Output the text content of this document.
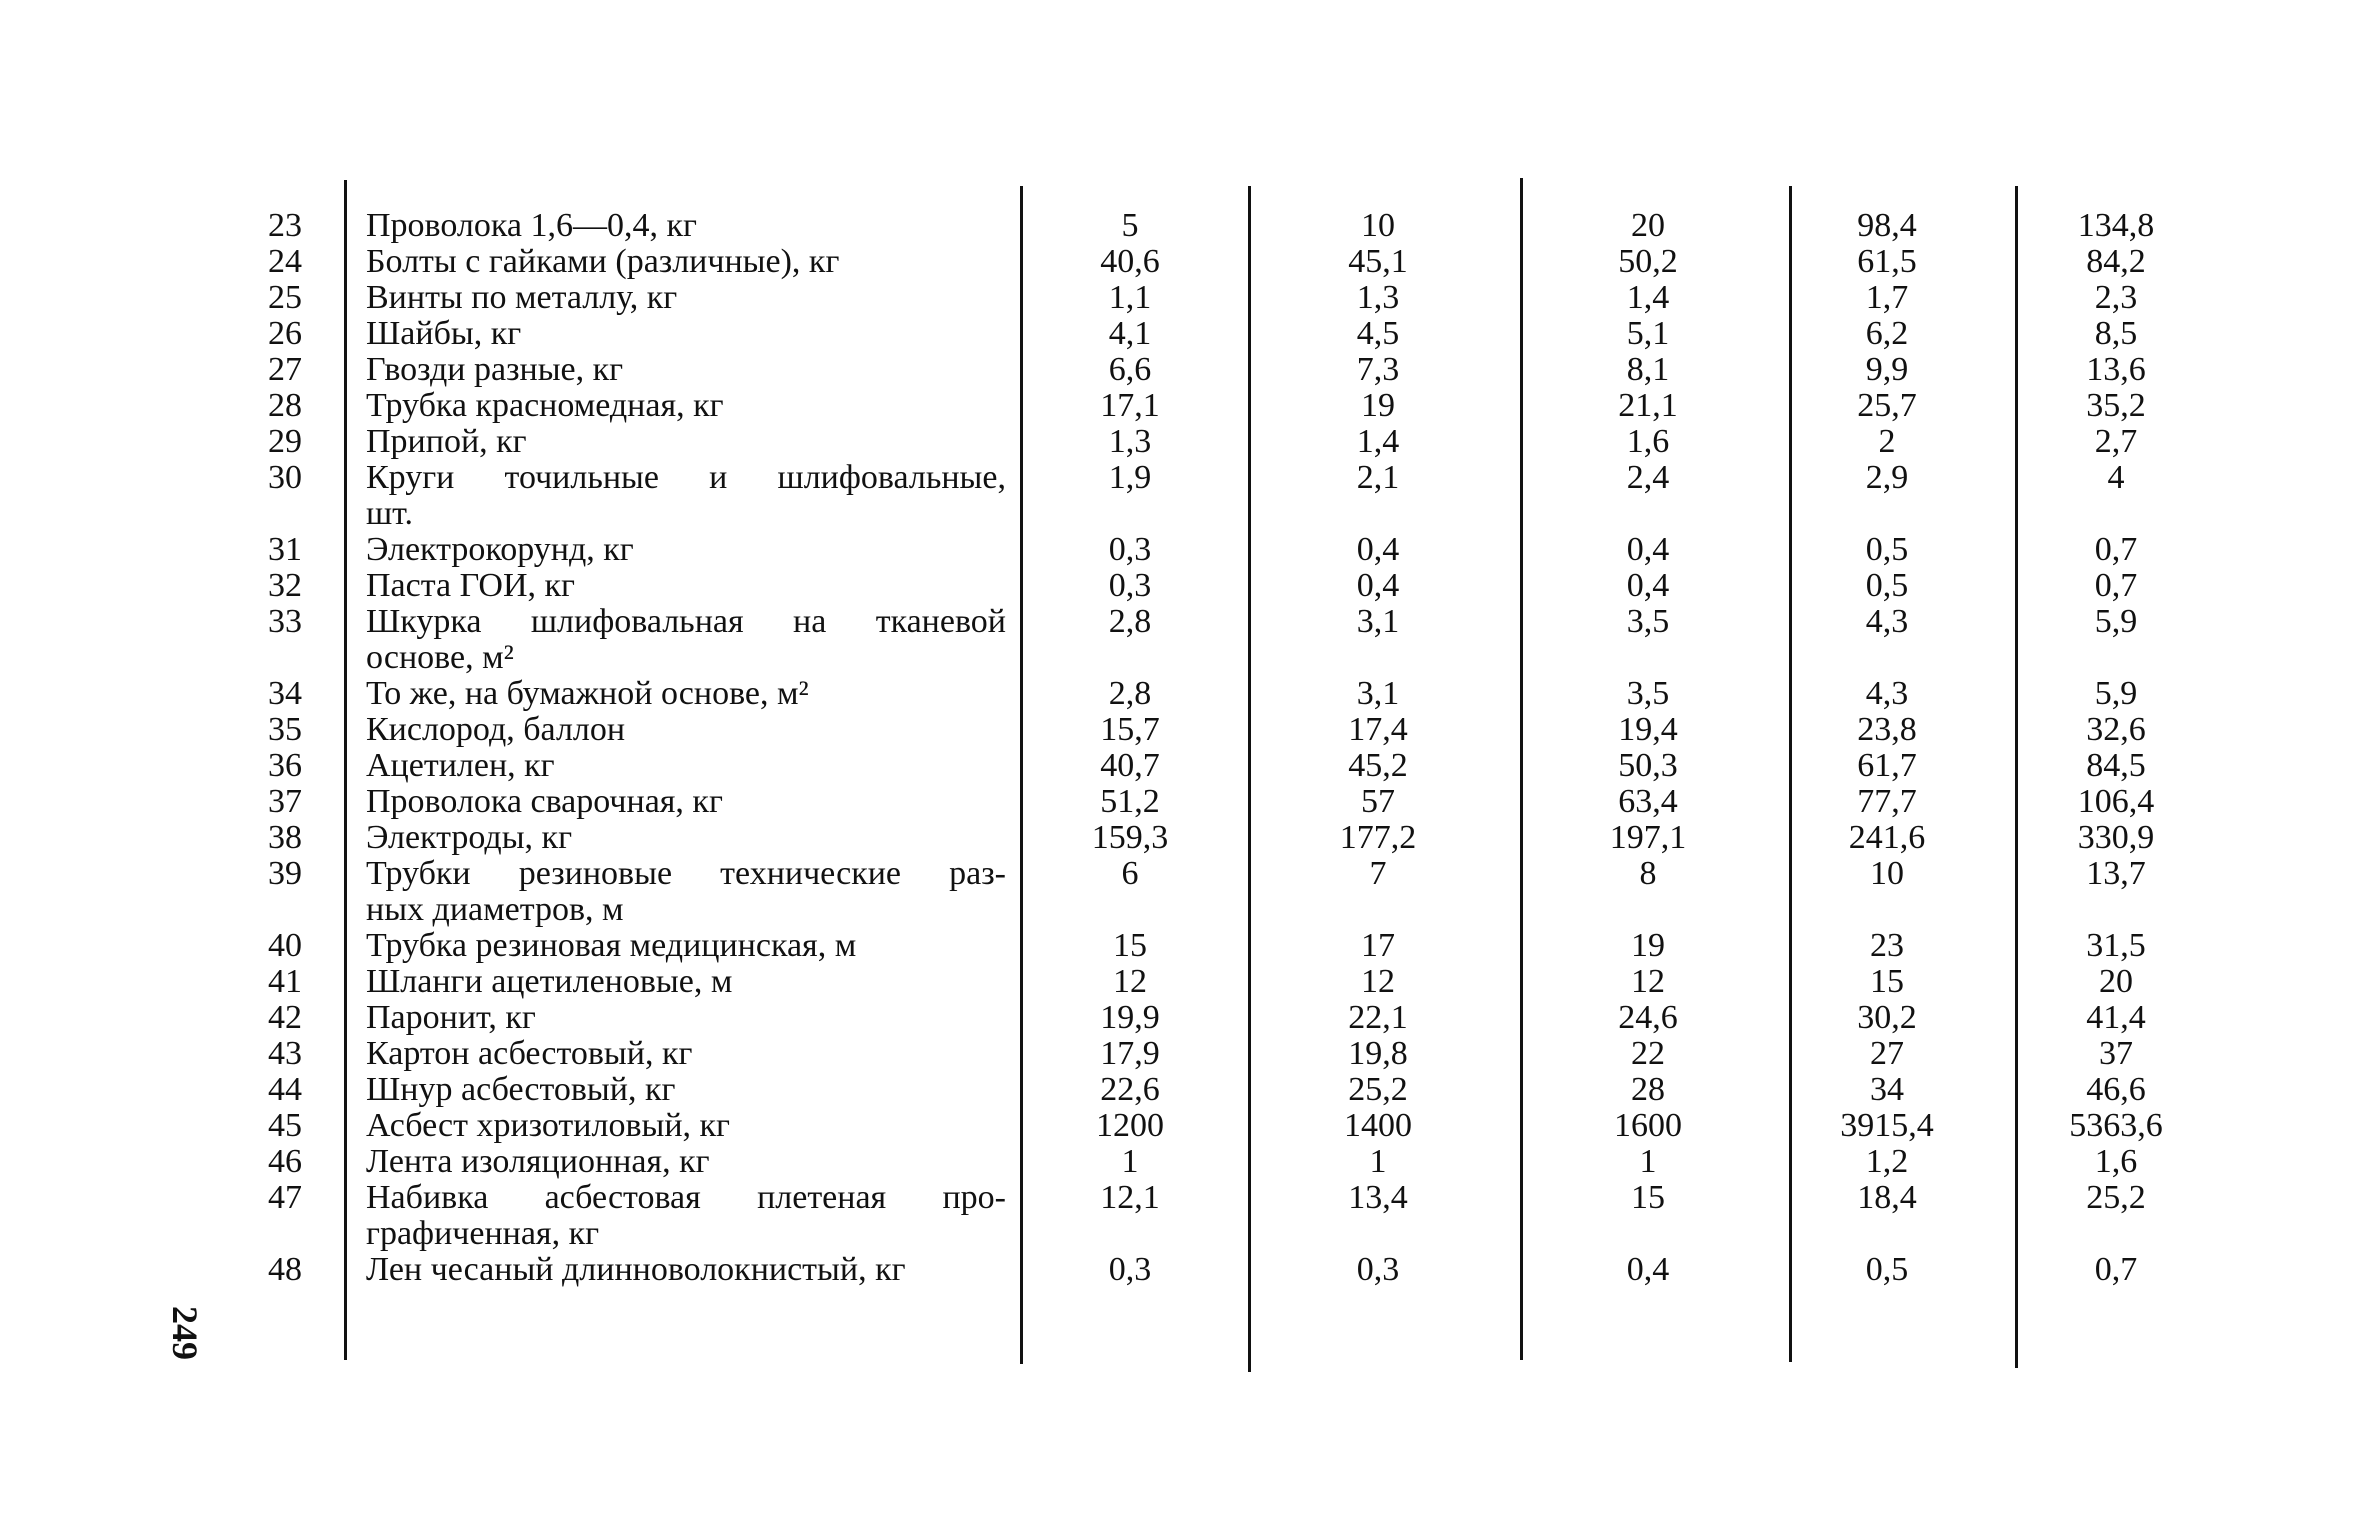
23 Проволока 1,6—0,4, кг	5	10	20	98,4	134,8
24 Болты с гайками (различные), кг	40,6	45,1	50,2	61,5	84,2
25 Винты по металлу, кг	1,1	1,3	1,4	1,7	2,3
26 Шайбы, кг	4,1	4,5	5,1	6,2	8,5
27 Гвозди разные, кг	6,6	7,3	8,1	9,9	13,6
28 Трубка красномедная, кг	17,1	19	21,1	25,7	35,2
29 Припой, кг	1,3	1,4	1,6	2	2,7
30 Круги точильные и шлифовальные,
шт.
1,9	2,1	2,4	2,9	4
31 Электрокорунд, кг	0,3	0,4	0,4	0,5	0,7
32 Паста ГОИ, кг	0,3	0,4	0,4	0,5	0,7
33 Шкурка шлифовальная на тканевой
основе, м²
2,8	3,1	3,5	4,3	5,9
34 То же, на бумажной основе, м²	2,8	3,1	3,5	4,3	5,9
35 Кислород, баллон	15,7	17,4	19,4	23,8	32,6
36 Ацетилен, кг	40,7	45,2	50,3	61,7	84,5
37 Проволока сварочная, кг	51,2	57	63,4	77,7	106,4
38 Электроды, кг	159,3	177,2	197,1	241,6	330,9
39 Трубки резиновые технические раз-
ных диаметров, м
6	7	8	10	13,7
40 Трубка резиновая медицинская, м	15	17	19	23	31,5
41 Шланги ацетиленовые, м	12	12	12	15	20
42 Паронит, кг	19,9	22,1	24,6	30,2	41,4
43 Картон асбестовый, кг	17,9	19,8	22	27	37
44 Шнур асбестовый, кг	22,6	25,2	28	34	46,6
45 Асбест хризотиловый, кг	1200	1400	1600	3915,4	5363,6
46 Лента изоляционная, кг	1	1	1	1,2	1,6
47 Набивка асбестовая плетеная про-
графиченная, кг
12,1	13,4	15	18,4	25,2
48 Лен чесаный длинноволокнистый, кг	0,3	0,3	0,4	0,5	0,7
249
